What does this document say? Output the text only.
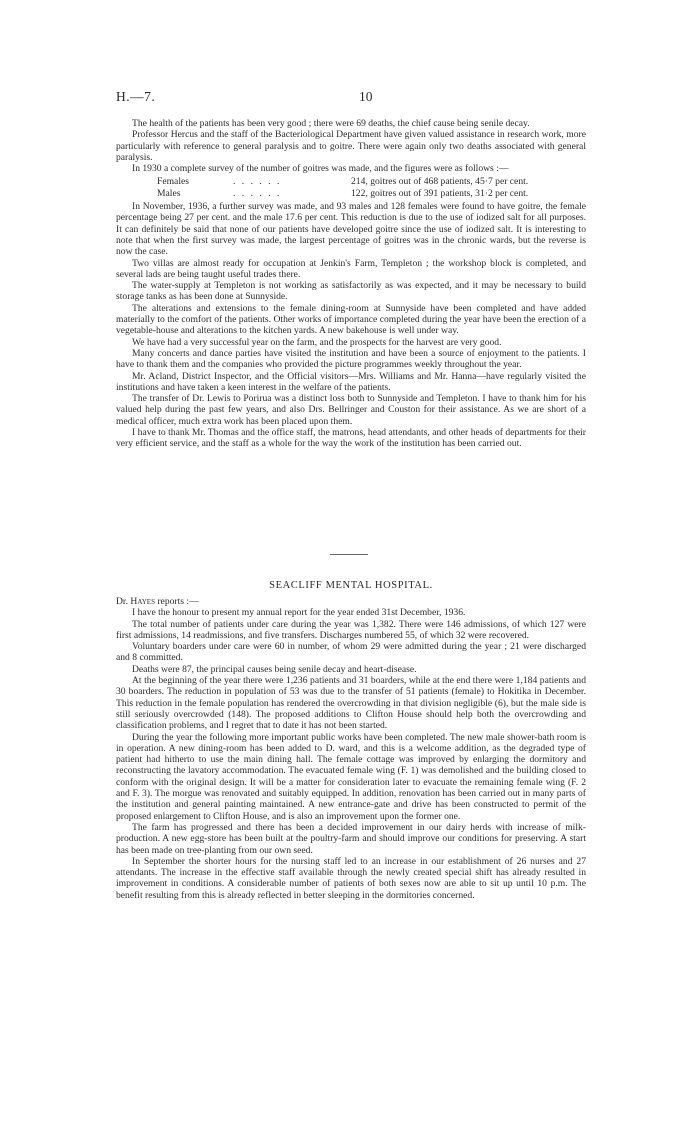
H.—7.	10

The health of the patients has been very good ; there were 69 deaths, the chief cause being senile decay.

Professor Hercus and the staff of the Bacteriological Department have given valued assistance in research work, more particularly with reference to general paralysis and to goitre. There were again only two deaths associated with general paralysis.

In 1930 a complete survey of the number of goitres was made, and the figures were as follows :—

Females	. . . . . .	214, goitres out of 468 patients, 45·7 per cent.
Males	. . . . . .	122, goitres out of 391 patients, 31·2 per cent.

In November, 1936, a further survey was made, and 93 males and 128 females were found to have goitre, the female percentage being 27 per cent. and the male 17.6 per cent. This reduction is due to the use of iodized salt for all purposes. It can definitely be said that none of our patients have developed goitre since the use of iodized salt. It is interesting to note that when the first survey was made, the largest percentage of goitres was in the chronic wards, but the reverse is now the case.

Two villas are almost ready for occupation at Jenkin's Farm, Templeton ; the workshop block is completed, and several lads are being taught useful trades there.

The water-supply at Templeton is not working as satisfactorily as was expected, and it may be necessary to build storage tanks as has been done at Sunnyside.

The alterations and extensions to the female dining-room at Sunnyside have been completed and have added materially to the comfort of the patients. Other works of importance completed during the year have been the erection of a vegetable-house and alterations to the kitchen yards. A new bakehouse is well under way.

We have had a very successful year on the farm, and the prospects for the harvest are very good.

Many concerts and dance parties have visited the institution and have been a source of enjoyment to the patients. I have to thank them and the companies who provided the picture programmes weekly throughout the year.

Mr. Acland, District Inspector, and the Official visitors—Mrs. Williams and Mr. Hanna—have regularly visited the institutions and have taken a keen interest in the welfare of the patients.

The transfer of Dr. Lewis to Porirua was a distinct loss both to Sunnyside and Templeton. I have to thank him for his valued help during the past few years, and also Drs. Bellringer and Couston for their assistance. As we are short of a medical officer, much extra work has been placed upon them.

I have to thank Mr. Thomas and the office staff, the matrons, head attendants, and other heads of departments for their very efficient service, and the staff as a whole for the way the work of the institution has been carried out.

SEACLIFF MENTAL HOSPITAL.

Dr. Hayes reports :—

I have the honour to present my annual report for the year ended 31st December, 1936.

The total number of patients under care during the year was 1,382. There were 146 admissions, of which 127 were first admissions, 14 readmissions, and five transfers. Discharges numbered 55, of which 32 were recovered.

Voluntary boarders under care were 60 in number, of whom 29 were admitted during the year ; 21 were discharged and 8 committed.

Deaths were 87, the principal causes being senile decay and heart-disease.

At the beginning of the year there were 1,236 patients and 31 boarders, while at the end there were 1,184 patients and 30 boarders. The reduction in population of 53 was due to the transfer of 51 patients (female) to Hokitika in December. This reduction in the female population has rendered the overcrowding in that division negligible (6), but the male side is still seriously overcrowded (148). The proposed additions to Clifton House should help both the overcrowding and classification problems, and I regret that to date it has not been started.

During the year the following more important public works have been completed. The new male shower-bath room is in operation. A new dining-room has been added to D. ward, and this is a welcome addition, as the degraded type of patient had hitherto to use the main dining hall. The female cottage was improved by enlarging the dormitory and reconstructing the lavatory accommodation. The evacuated female wing (F. 1) was demolished and the building closed to conform with the original design. It will be a matter for consideration later to evacuate the remaining female wing (F. 2 and F. 3). The morgue was renovated and suitably equipped. In addition, renovation has been carried out in many parts of the institution and general painting maintained. A new entrance-gate and drive has been constructed to permit of the proposed enlargement to Clifton House, and is also an improvement upon the former one.

The farm has progressed and there has been a decided improvement in our dairy herds with increase of milk-production. A new egg-store has been built at the poultry-farm and should improve our conditions for preserving. A start has been made on tree-planting from our own seed.

In September the shorter hours for the nursing staff led to an increase in our establishment of 26 nurses and 27 attendants. The increase in the effective staff available through the newly created special shift has already resulted in improvement in conditions. A considerable number of patients of both sexes now are able to sit up until 10 p.m. The benefit resulting from this is already reflected in better sleeping in the dormitories concerned.
